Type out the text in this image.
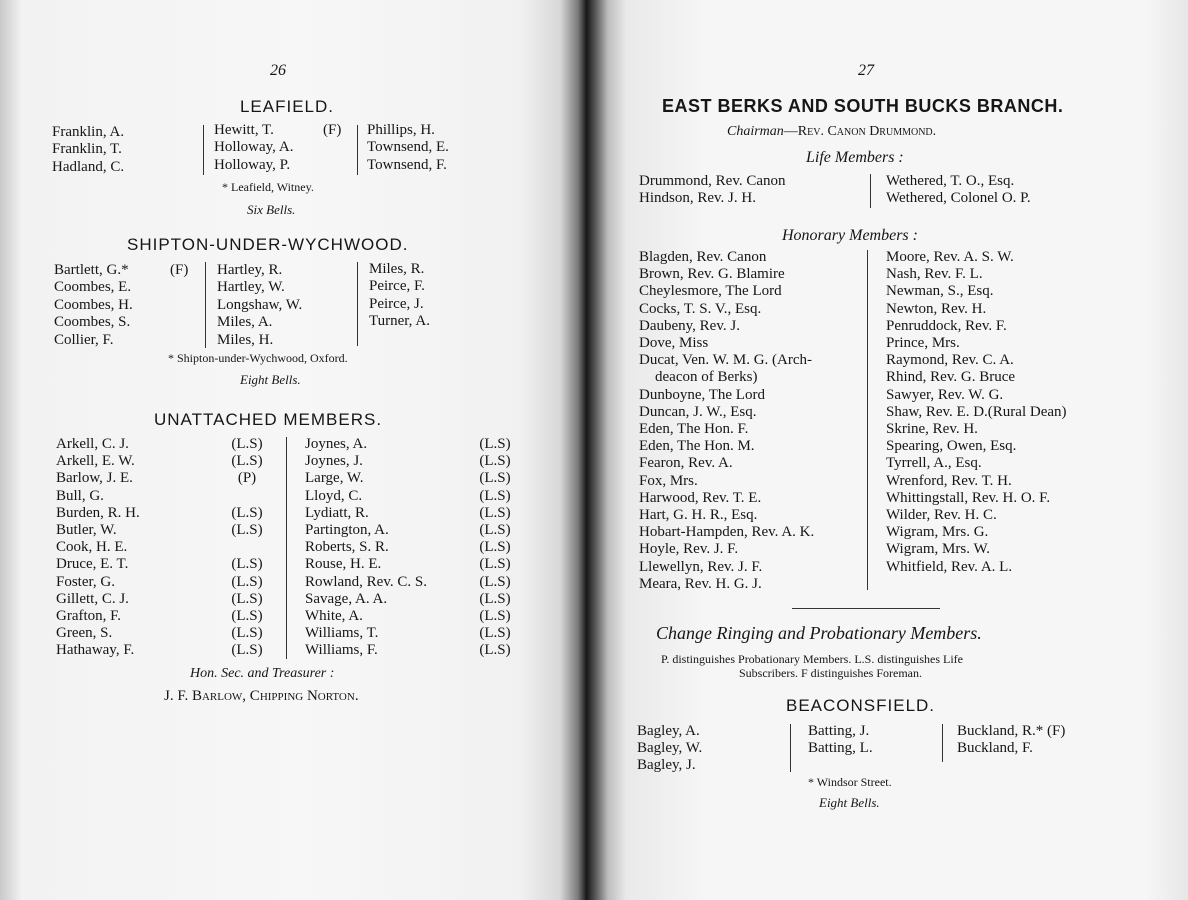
26
LEAFIELD.
Franklin, A.
Franklin, T.
Hadland, C.
Hewitt, T.
Holloway, A.
Holloway, P.
(F) Phillips, H.
Townsend, E.
Townsend, F.
* Leafield, Witney.
Six Bells.
SHIPTON-UNDER-WYCHWOOD.
Bartlett, G.*
Coombes, E.
Coombes, H.
Coombes, S.
Collier, F.
(F) Hartley, R.
Hartley, W.
Longshaw, W.
Miles, A.
Miles, H.
Miles, R.
Peirce, F.
Peirce, J.
Turner, A.
* Shipton-under-Wychwood, Oxford.
Eight Bells.
UNATTACHED MEMBERS.
Arkell, C. J.
Arkell, E. W.
Barlow, J. E.
Bull, G.
Burden, R. H.
Butler, W.
Cook, H. E.
Druce, E. T.
Foster, G.
Gillett, C. J.
Grafton, F.
Green, S.
Hathaway, F.
(L.S)
(L.S)
(P)
(L.S)
(L.S)
(L.S)
(L.S)
(L.S)
(L.S)
(L.S)
(L.S)
Joynes, A.
Joynes, J.
Large, W.
Lloyd, C.
Lydiatt, R.
Partington, A.
Roberts, S. R.
Rouse, H. E.
Rowland, Rev. C. S.
Savage, A. A.
White, A.
Williams, T.
Williams, F.
(L.S)
(L.S)
(L.S)
(L.S)
(L.S)
(L.S)
(L.S)
(L.S)
(L.S)
(L.S)
(L.S)
(L.S)
(L.S)
Hon. Sec. and Treasurer :
J. F. Barlow, Chipping Norton.
27
EAST BERKS AND SOUTH BUCKS BRANCH.
Chairman—Rev. Canon Drummond.
Life Members :
Drummond, Rev. Canon
Hindson, Rev. J. H.
Wethered, T. O., Esq.
Wethered, Colonel O. P.
Honorary Members :
Blagden, Rev. Canon
Brown, Rev. G. Blamire
Cheylesmore, The Lord
Cocks, T. S. V., Esq.
Daubeny, Rev. J.
Dove, Miss
Ducat, Ven. W. M. G. (Arch-
deacon of Berks)
Dunboyne, The Lord
Duncan, J. W., Esq.
Eden, The Hon. F.
Eden, The Hon. M.
Fearon, Rev. A.
Fox, Mrs.
Harwood, Rev. T. E.
Hart, G. H. R., Esq.
Hobart-Hampden, Rev. A. K.
Hoyle, Rev. J. F.
Llewellyn, Rev. J. F.
Meara, Rev. H. G. J.
Moore, Rev. A. S. W.
Nash, Rev. F. L.
Newman, S., Esq.
Newton, Rev. H.
Penruddock, Rev. F.
Prince, Mrs.
Raymond, Rev. C. A.
Rhind, Rev. G. Bruce
Sawyer, Rev. W. G.
Shaw, Rev. E. D.(Rural Dean)
Skrine, Rev. H.
Spearing, Owen, Esq.
Tyrrell, A., Esq.
Wrenford, Rev. T. H.
Whittingstall, Rev. H. O. F.
Wilder, Rev. H. C.
Wigram, Mrs. G.
Wigram, Mrs. W.
Whitfield, Rev. A. L.
Change Ringing and Probationary Members.
P. distinguishes Probationary Members. L.S. distinguishes Life
Subscribers. F distinguishes Foreman.
BEACONSFIELD.
Bagley, A.
Bagley, W.
Bagley, J.
Batting, J.
Batting, L.
Buckland, R.* (F)
Buckland, F.
* Windsor Street.
Eight Bells.
